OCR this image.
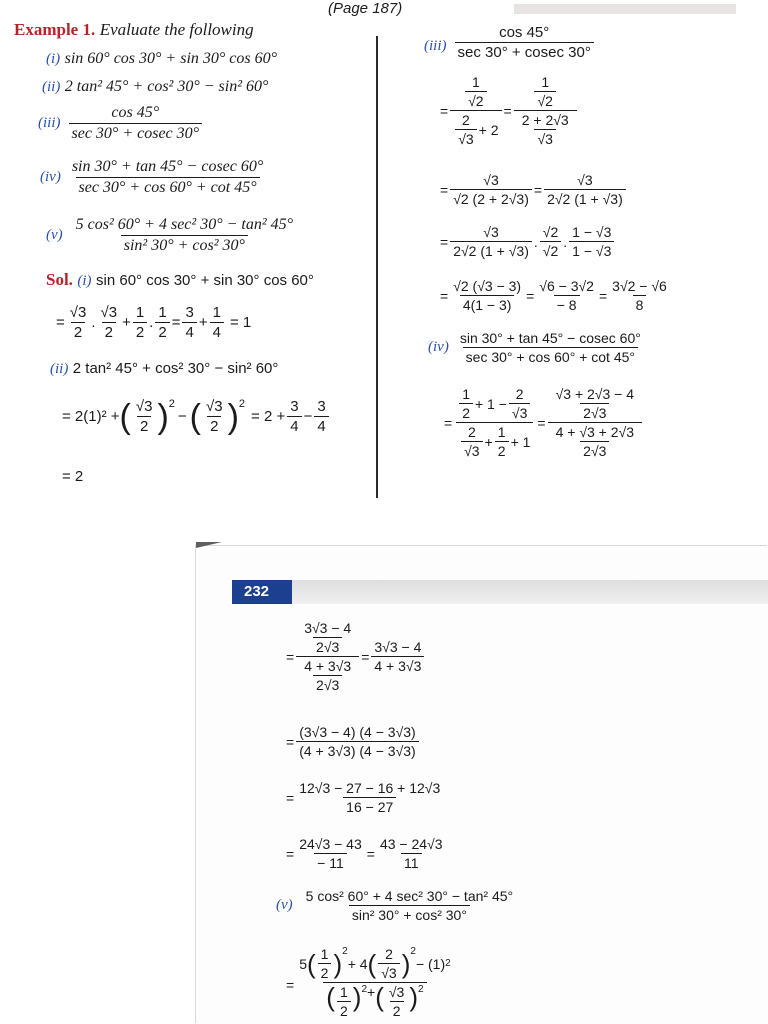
(Page 187)
Example 1. Evaluate the following
(i) sin 60° cos 30° + sin 30° cos 60°
(ii) 2 tan² 45° + cos² 30° − sin² 60°
$(iii) \frac{\cos 45^\circ}{\sec 30^\circ + cosec 30^\circ}$
$(iv) \frac{\sin 30^\circ + \tan 45^\circ - cosec 60^\circ}{\sec 30^\circ + \cos 60^\circ + \cot 45^\circ}$
$(v) \frac{\text{5 cos² 60° + 4 sec² 30° − tan² 45°}}{\text{sin² 30° + cos² 30°}}$
Sol. (i) sin 60° cos 30° + sin 30° cos 60°
= $\frac{√3}{2}$ . $\frac{√3}{2} + \frac{1}{2}$ . $\frac{1}{2} = \frac{3}{4} + \frac{1}{4} = 1$
(ii) 2 tan² 45° + cos² 30° − sin² 60°
= 2(1)² + ( $\frac{√3}{2} )^2$
− ( $\frac{√3}{2} )^2$
= $2 + \frac{3}{4} - \frac{3}{4}$
= 2
$(iii) \frac{\cos 45^\circ}{\sec 30^\circ + cosec 30^\circ}$
= $\frac{\frac{1}{√2}}{\frac{2}{√3} + 2} = \frac{\frac{1}{√2}}{\frac{2 + 2√3}{√3}}$
= $\frac{√3}{√2 (2 + 2√3)} = \frac{√3}{2√2 (1 + √3)}$
= $\frac{√3}{2√2 (1 + √3)}$ . $\frac{√2}{√2}$ . $\frac{1 - √3}{1 - √3}$
= $\frac{√2 (√3 - 3)}{4(1 - 3)} = \frac{√6 - 3√2}{- 8} = \frac{3√2 - √6}{8}$
$(iv) \frac{\sin 30^\circ + \tan 45^\circ - cosec 60^\circ}{\sec 30^\circ + \cos 60^\circ + \cot 45^\circ}$
= $\frac{\frac{1}{2} + 1 - \frac{2}{√3}}{\frac{2}{√3} + \frac{1}{2} + 1} = \frac{\frac{√3 + 2√3 - 4}{2√3}}{\frac{4 + √3 + 2√3}{2√3}}$
232
= $\frac{\frac{3√3 - 4}{2√3}}{\frac{4 + 3√3}{2√3}} = \frac{3√3 - 4}{4 + 3√3}$
= $\frac{(3√3 - 4) (4 - 3√3)}{(4 + 3√3) (4 - 3√3)}$
= $\frac{12√3 - 27 - 16 + 12√3}{16 - 27}$
= $\frac{24√3 - 43}{- 11} = \frac{43 - 24√3}{11}$
$(v) \frac{\text{5 cos² 60° + 4 sec² 30° − tan² 45°}}{\text{sin² 30° + cos² 30°}}$
= 5 ( $\frac{1}{2} )^2$
+ 4 ( $\frac{2}{√3} )^2$
− (1) 2
( $\frac{1}{2} )^2$ + ( $\frac{√3}{2} )^2$
